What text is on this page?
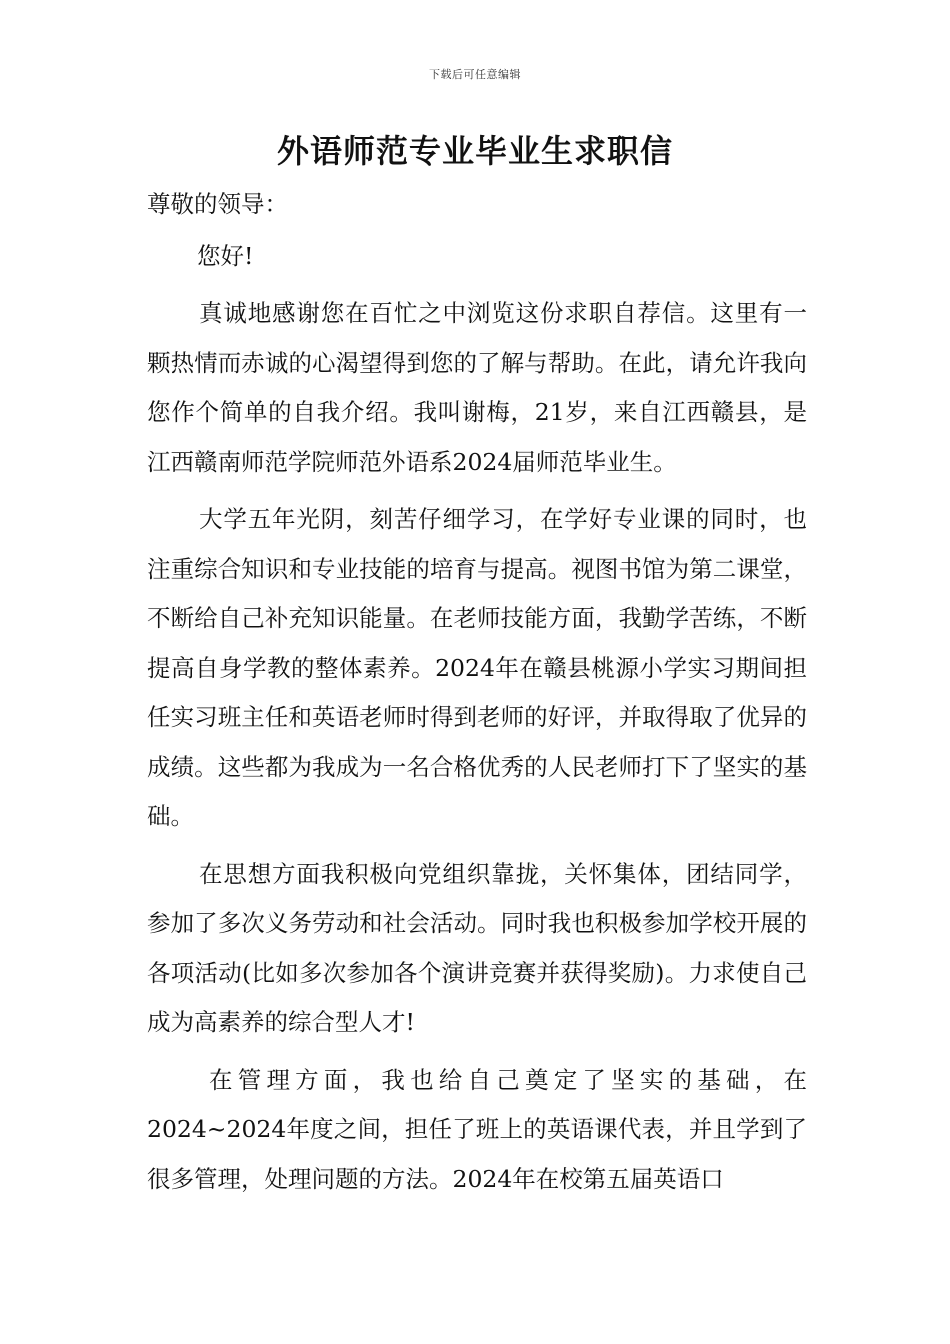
下载后可任意编辑
外语师范专业毕业生求职信

尊敬的领导：

您好!

真诚地感谢您在百忙之中浏览这份求职自荐信。这里有一颗热情而赤诚的心渴望得到您的了解与帮助。在此，请允许我向您作个简单的自我介绍。我叫谢梅，21岁，来自江西赣县，是江西赣南师范学院师范外语系2024届师范毕业生。

大学五年光阴，刻苦仔细学习，在学好专业课的同时，也注重综合知识和专业技能的培育与提高。视图书馆为第二课堂，不断给自己补充知识能量。在老师技能方面，我勤学苦练，不断提高自身学教的整体素养。2024年在赣县桃源小学实习期间担任实习班主任和英语老师时得到老师的好评，并取得取了优异的成绩。这些都为我成为一名合格优秀的人民老师打下了坚实的基础。

在思想方面我积极向党组织靠拢，关怀集体，团结同学，参加了多次义务劳动和社会活动。同时我也积极参加学校开展的各项活动(比如多次参加各个演讲竞赛并获得奖励)。力求使自己成为高素养的综合型人才!

在管理方面，我也给自己奠定了坚实的基础，在2024~2024年度之间，担任了班上的英语课代表，并且学到了很多管理，处理问题的方法。2024年在校第五届英语口
